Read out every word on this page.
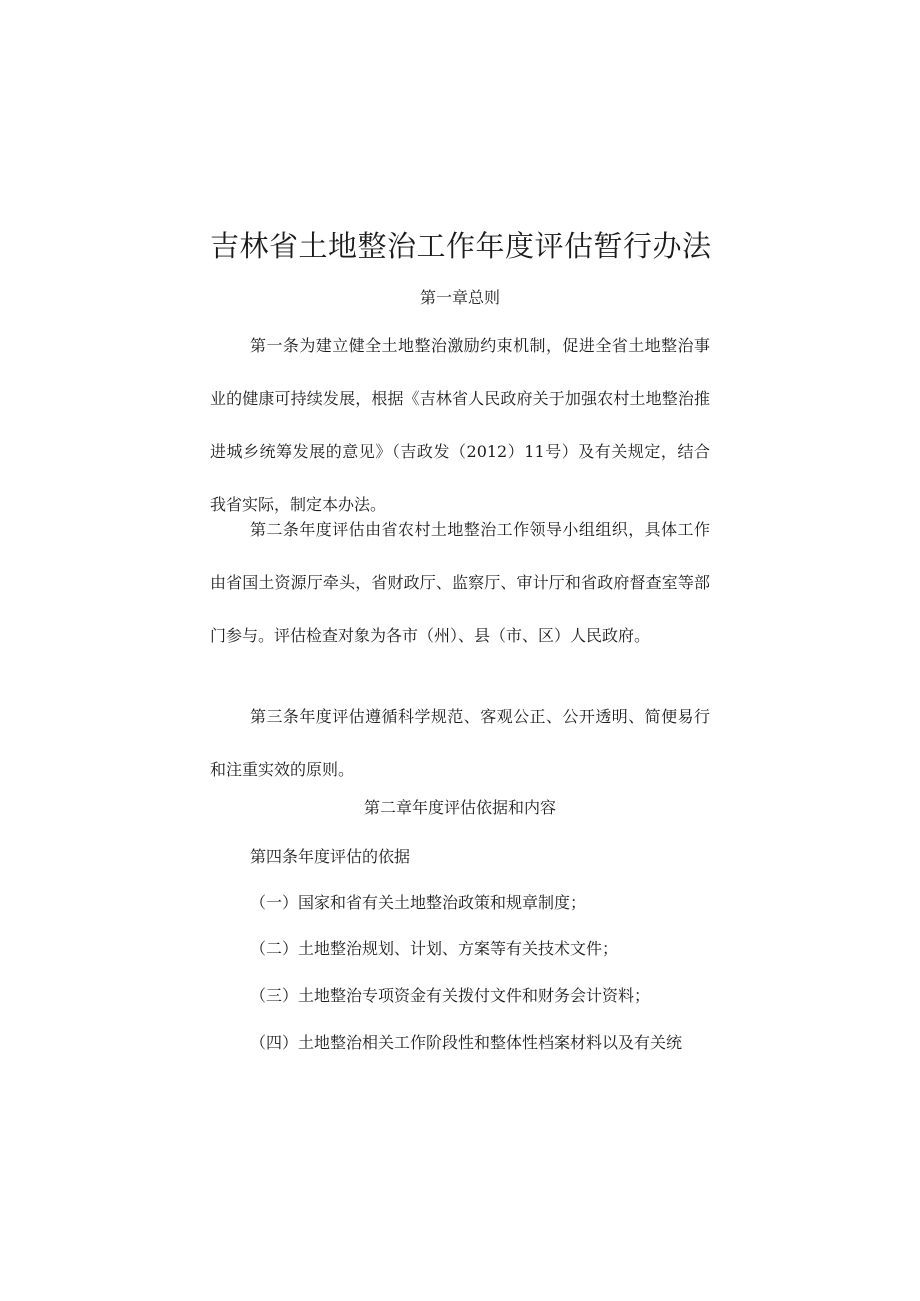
吉林省土地整治工作年度评估暂行办法
第一章总则

第一条为建立健全土地整治激励约束机制，促进全省土地整治事业的健康可持续发展，根据《吉林省人民政府关于加强农村土地整治推进城乡统筹发展的意见》（吉政发（2012）11号）及有关规定，结合我省实际，制定本办法。

第二条年度评估由省农村土地整治工作领导小组组织，具体工作由省国土资源厅牵头，省财政厅、监察厅、审计厅和省政府督查室等部门参与。评估检查对象为各市（州）、县（市、区）人民政府。

第三条年度评估遵循科学规范、客观公正、公开透明、简便易行和注重实效的原则。

第二章年度评估依据和内容
第四条年度评估的依据
（一）国家和省有关土地整治政策和规章制度；
（二）土地整治规划、计划、方案等有关技术文件；
（三）土地整治专项资金有关拨付文件和财务会计资料；
（四）土地整治相关工作阶段性和整体性档案材料以及有关统
